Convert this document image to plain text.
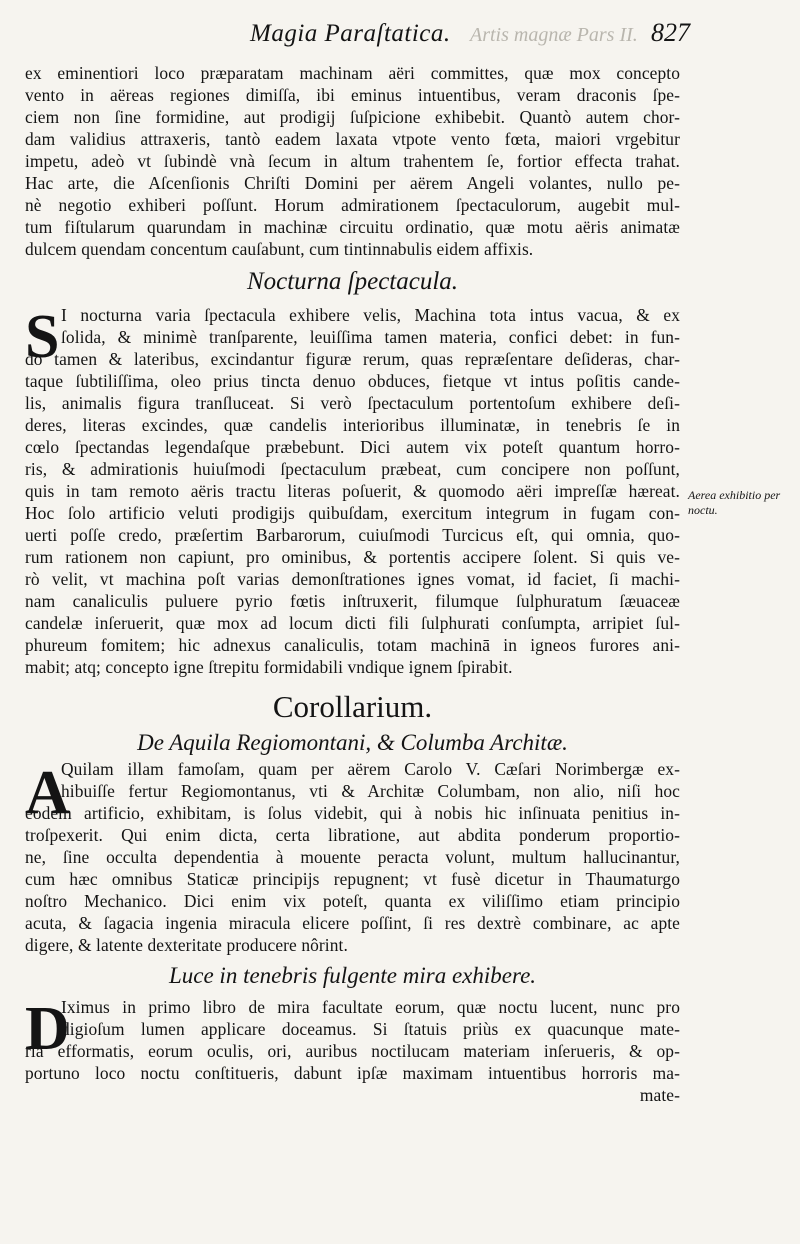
Artis magnæ Pars II.
Magia Paraſtatica.	827
Aerea exhibitio per noctu.
ex eminentiori loco præparatam machinam aëri committes, quæ mox concepto
vento in aëreas regiones dimiſſa, ibi eminus intuentibus, veram draconis ſpe-
ciem non ſine formidine, aut prodigij ſuſpicione exhibebit. Quantò autem chor-
dam validius attraxeris, tantò eadem laxata vtpote vento fœta, maiori vrgebitur
impetu, adeò vt ſubindè vnà ſecum in altum trahentem ſe, fortior effecta trahat.
Hac arte, die Aſcenſionis Chriſti Domini per aërem Angeli volantes, nullo pe-
nè negotio exhiberi poſſunt. Horum admirationem ſpectaculorum, augebit mul-
tum fiſtularum quarundam in machinæ circuitu ordinatio, quæ motu aëris animatæ
dulcem quendam concentum cauſabunt, cum tintinnabulis eidem affixis.
Nocturna ſpectacula.
S I nocturna varia ſpectacula exhibere velis, Machina tota intus vacua, & ex
ſolida, & minimè tranſparente, leuiſſima tamen materia, confici debet: in fun-
do tamen & lateribus, excindantur figuræ rerum, quas repræſentare deſideras, char-
taque ſubtiliſſima, oleo prius tincta denuo obduces, fietque vt intus poſitis cande-
lis, animalis figura tranſluceat. Si verò ſpectaculum portentoſum exhibere deſi-
deres, literas excindes, quæ candelis interioribus illuminatæ, in tenebris ſe in
cœlo ſpectandas legendaſque præbebunt. Dici autem vix poteſt quantum horro-
ris, & admirationis huiuſmodi ſpectaculum præbeat, cum concipere non poſſunt,
quis in tam remoto aëris tractu literas poſuerit, & quomodo aëri impreſſæ hæreat.
Hoc ſolo artificio veluti prodigijs quibuſdam, exercitum integrum in fugam con-
uerti poſſe credo, præſertim Barbarorum, cuiuſmodi Turcicus eſt, qui omnia, quo-
rum rationem non capiunt, pro ominibus, & portentis accipere ſolent. Si quis ve-
rò velit, vt machina poſt varias demonſtrationes ignes vomat, id faciet, ſi machi-
nam canaliculis puluere pyrio fœtis inſtruxerit, filumque ſulphuratum ſæuaceæ
candelæ inſeruerit, quæ mox ad locum dicti fili ſulphurati conſumpta, arripiet ſul-
phureum fomitem; hic adnexus canaliculis, totam machinā in igneos furores ani-
mabit; atq; concepto igne ſtrepitu formidabili vndique ignem ſpirabit.
Corollarium.
De Aquila Regiomontani, & Columba Architæ.
A
Quilam illam famoſam, quam per aërem Carolo V. Cæſari Norimbergæ ex-
hibuiſſe fertur Regiomontanus, vti & Architæ Columbam, non alio, niſi hoc
eodem artificio, exhibitam, is ſolus videbit, qui à nobis hic inſinuata penitius in-
troſpexerit. Qui enim dicta, certa libratione, aut abdita ponderum proportio-
ne, ſine occulta dependentia à mouente peracta volunt, multum hallucinantur,
cum hæc omnibus Staticæ principijs repugnent; vt fusè dicetur in Thaumaturgo
noſtro Mechanico. Dici enim vix poteſt, quanta ex viliſſimo etiam principio
acuta, & ſagacia ingenia miracula elicere poſſint, ſi res dextrè combinare, ac apte
digere, & latente dexteritate producere nôrint.
Luce in tenebris fulgente mira exhibere.
D
Iximus in primo libro de mira facultate eorum, quæ noctu lucent, nunc pro
digioſum lumen applicare doceamus. Si ſtatuis priùs ex quacunque mate-
ria efformatis, eorum oculis, ori, auribus noctilucam materiam inſerueris, & op-
portuno loco noctu conſtitueris, dabunt ipſæ maximam intuentibus horroris ma-
mate-
